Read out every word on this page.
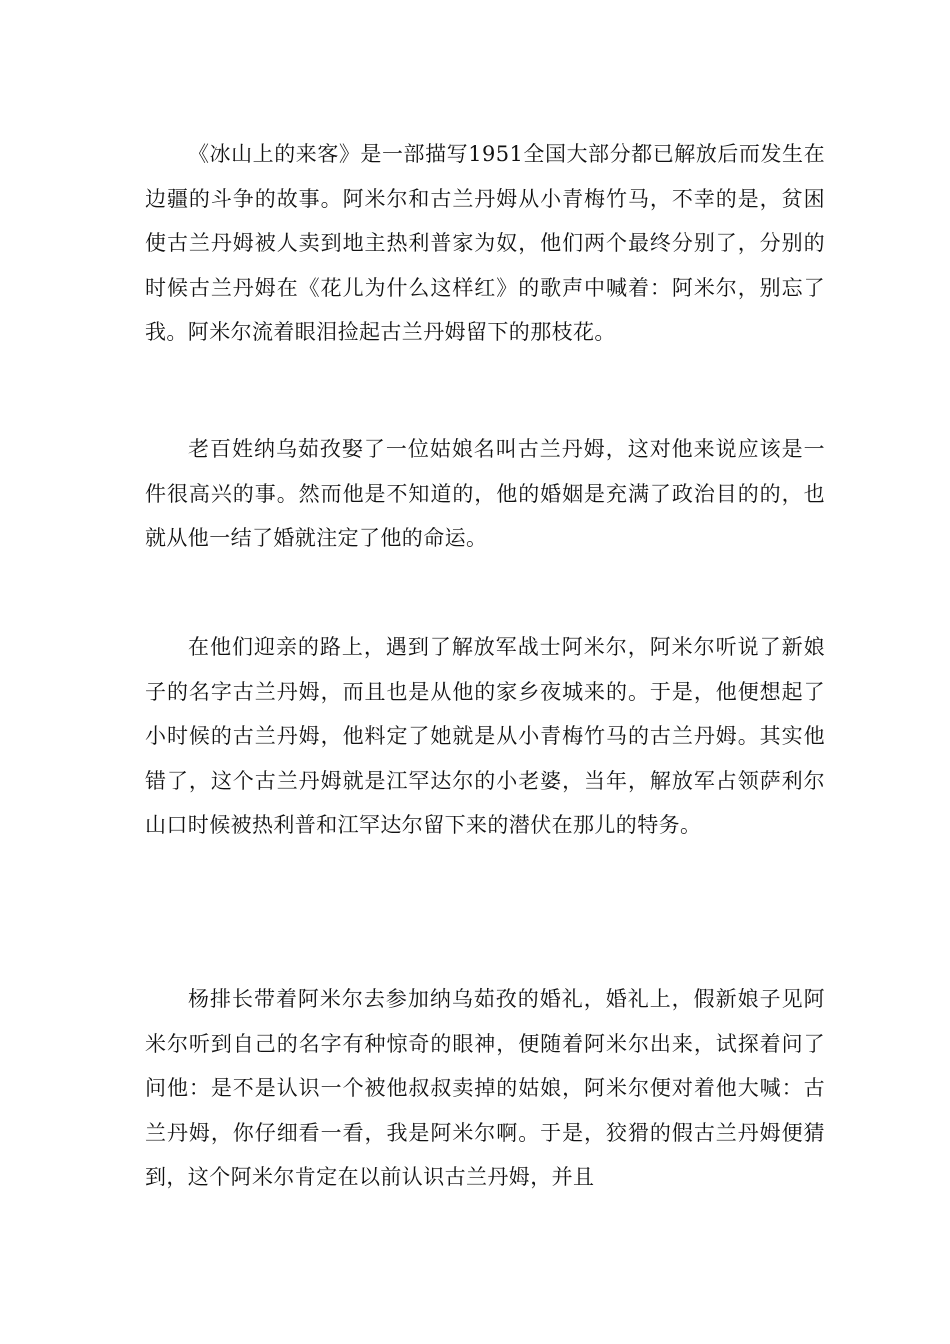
《冰山上的来客》是一部描写1951全国大部分都已解放后而发生在边疆的斗争的故事。阿米尔和古兰丹姆从小青梅竹马，不幸的是，贫困使古兰丹姆被人卖到地主热利普家为奴，他们两个最终分别了，分别的时候古兰丹姆在《花儿为什么这样红》的歌声中喊着：阿米尔，别忘了我。阿米尔流着眼泪捡起古兰丹姆留下的那枝花。

老百姓纳乌茹孜娶了一位姑娘名叫古兰丹姆，这对他来说应该是一件很高兴的事。然而他是不知道的，他的婚姻是充满了政治目的的，也就从他一结了婚就注定了他的命运。

在他们迎亲的路上，遇到了解放军战士阿米尔，阿米尔听说了新娘子的名字古兰丹姆，而且也是从他的家乡夜城来的。于是，他便想起了小时候的古兰丹姆，他料定了她就是从小青梅竹马的古兰丹姆。其实他错了，这个古兰丹姆就是江罕达尔的小老婆，当年，解放军占领萨利尔山口时候被热利普和江罕达尔留下来的潜伏在那儿的特务。

杨排长带着阿米尔去参加纳乌茹孜的婚礼，婚礼上，假新娘子见阿米尔听到自己的名字有种惊奇的眼神，便随着阿米尔出来，试探着问了问他：是不是认识一个被他叔叔卖掉的姑娘，阿米尔便对着他大喊：古兰丹姆，你仔细看一看，我是阿米尔啊。于是，狡猾的假古兰丹姆便猜到，这个阿米尔肯定在以前认识古兰丹姆，并且
